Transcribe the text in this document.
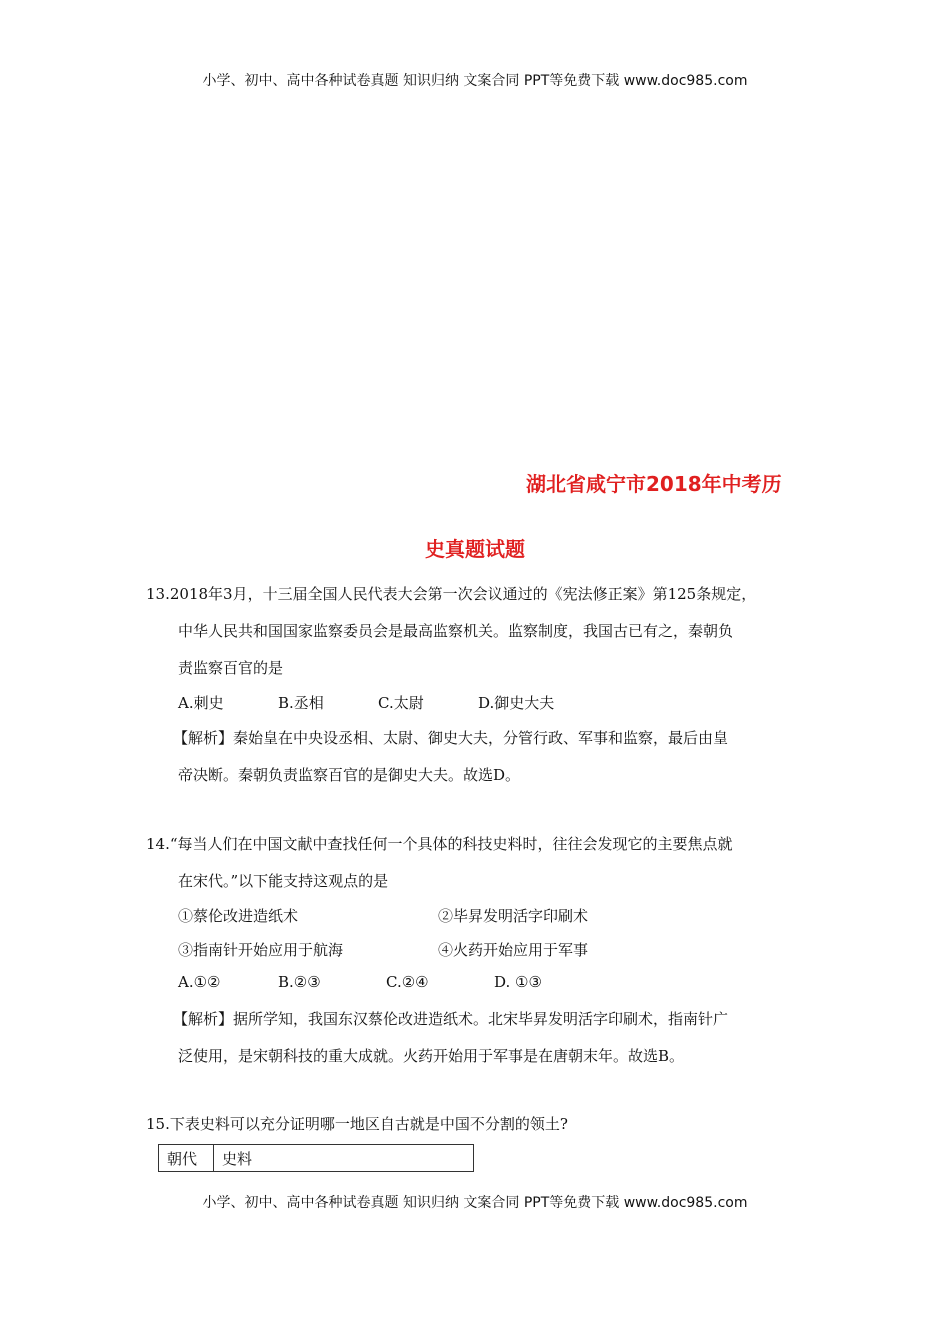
小学、初中、高中各种试卷真题 知识归纳 文案合同 PPT等免费下载 www.doc985.com
湖北省咸宁市2018年中考历
史真题试题
13.2018年3月，十三届全国人民代表大会第一次会议通过的《宪法修正案》第125条规定，
中华人民共和国国家监察委员会是最高监察机关。监察制度，我国古已有之，秦朝负
责监察百官的是
A.刺史	B.丞相	C.太尉	D.御史大夫
【解析】秦始皇在中央设丞相、太尉、御史大夫，分管行政、军事和监察，最后由皇
帝决断。秦朝负责监察百官的是御史大夫。故选D。
14.“每当人们在中国文献中查找任何一个具体的科技史料时，往往会发现它的主要焦点就
在宋代。”以下能支持这观点的是
①蔡伦改进造纸术	②毕昇发明活字印刷术
③指南针开始应用于航海	④火药开始应用于军事
A.①②	B.②③	C.②④	D. ①③
【解析】据所学知，我国东汉蔡伦改进造纸术。北宋毕昇发明活字印刷术，指南针广
泛使用，是宋朝科技的重大成就。火药开始用于军事是在唐朝末年。故选B。
15.下表史料可以充分证明哪一地区自古就是中国不分割的领土?
朝代	史料
小学、初中、高中各种试卷真题 知识归纳 文案合同 PPT等免费下载 www.doc985.com
